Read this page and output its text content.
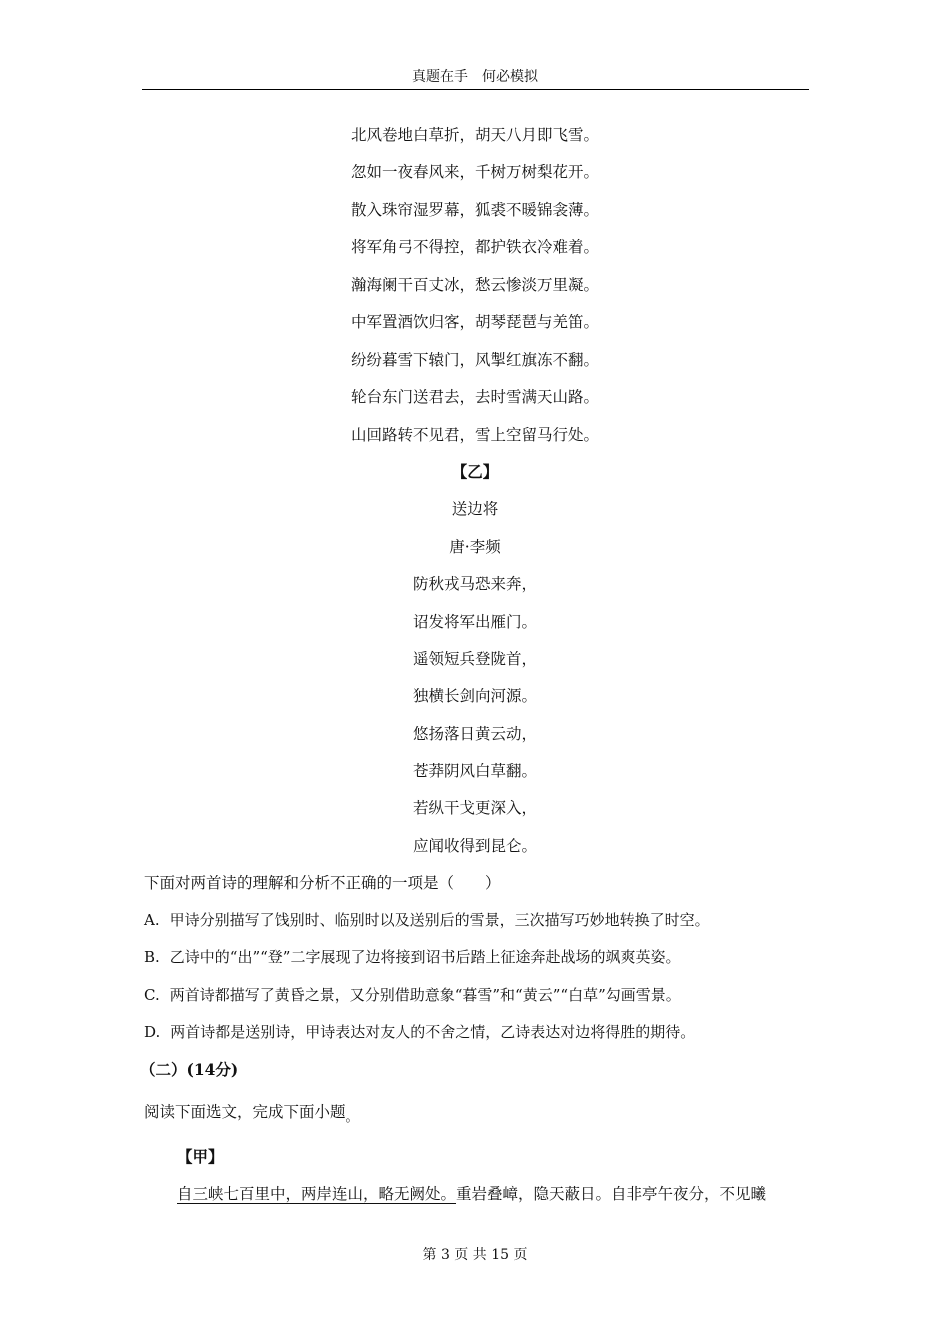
真题在手　何必模拟
北风卷地白草折，胡天八月即飞雪。
忽如一夜春风来，千树万树梨花开。
散入珠帘湿罗幕，狐裘不暖锦衾薄。
将军角弓不得控，都护铁衣冷难着。
瀚海阑干百丈冰，愁云惨淡万里凝。
中军置酒饮归客，胡琴琵琶与羌笛。
纷纷暮雪下辕门，风掣红旗冻不翻。
轮台东门送君去，去时雪满天山路。
山回路转不见君，雪上空留马行处。
【乙】
送边将
唐·李频
防秋戎马恐来奔，
诏发将军出雁门。
遥领短兵登陇首，
独横长剑向河源。
悠扬落日黄云动，
苍莽阴风白草翻。
若纵干戈更深入，
应闻收得到昆仑。
下面对两首诗的理解和分析不正确的一项是（　　）
A. 甲诗分别描写了饯别时、临别时以及送别后的雪景，三次描写巧妙地转换了时空。
B. 乙诗中的“出”“登”二字展现了边将接到诏书后踏上征途奔赴战场的飒爽英姿。
C. 两首诗都描写了黄昏之景，又分别借助意象“暮雪”和“黄云”“白草”勾画雪景。
D. 两首诗都是送别诗，甲诗表达对友人的不舍之情，乙诗表达对边将得胜的期待。
（二）(14分)
阅读下面选文，完成下面小题$_。$
【甲】
自三峡七百里中，两岸连山，略无阙处。重岩叠嶂，隐天蔽日。自非亭午夜分，不见曦
第 3 页 共 15 页
